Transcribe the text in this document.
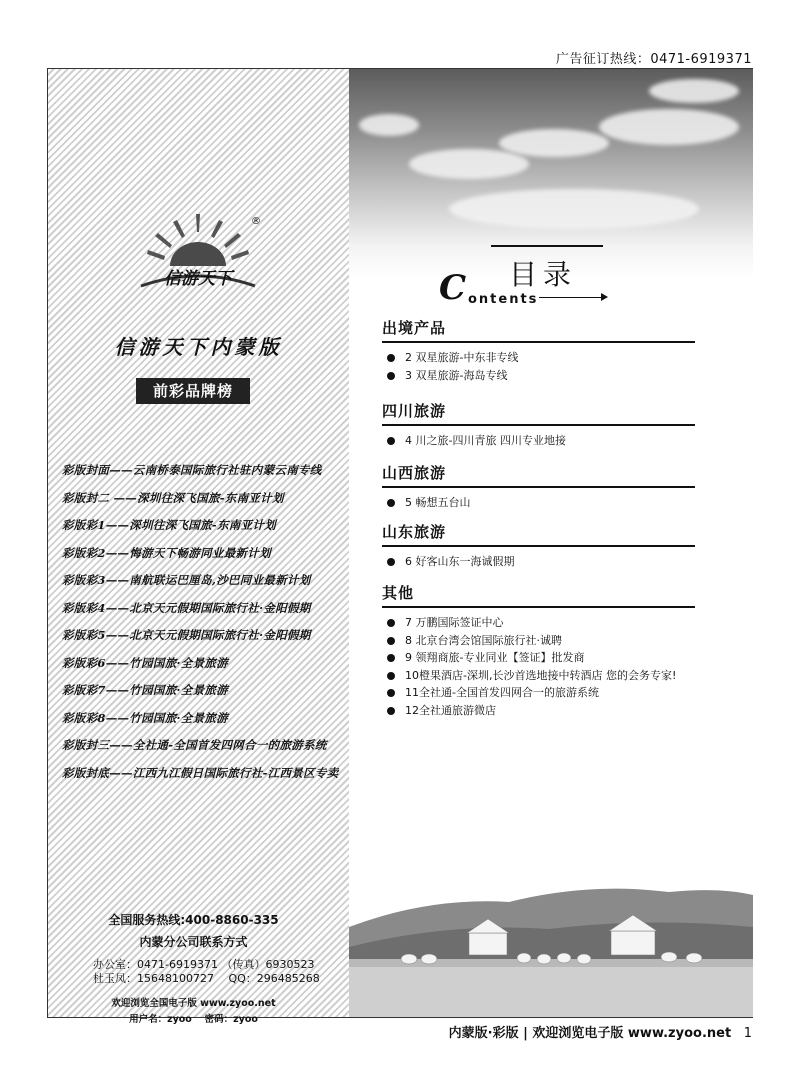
广告征订热线：0471-6919371
信游天下
®
信游天下内蒙版
前彩品牌榜
彩版封面——云南桥泰国际旅行社驻内蒙云南专线
彩版封二 ——深圳往深飞国旅-东南亚计划
彩版彩1——深圳往深飞国旅-东南亚计划
彩版彩2——悔游天下畅游同业最新计划
彩版彩3——南航联运巴厘岛,沙巴同业最新计划
彩版彩4——北京天元假期国际旅行社·金阳假期
彩版彩5——北京天元假期国际旅行社·金阳假期
彩版彩6——竹园国旅·全景旅游
彩版彩7——竹园国旅·全景旅游
彩版彩8——竹园国旅·全景旅游
彩版封三——全社通-全国首发四网合一的旅游系统
彩版封底——江西九江假日国际旅行社-江西景区专卖
全国服务热线:400-8860-335
内蒙分公司联系方式
办公室：0471-6919371 （传真）6930523
杜玉凤：15648100727　 QQ：296485268
欢迎浏览全国电子版 www.zyoo.net
用户名：zyoo　 密码：zyoo
目录
C ontents
出境产品
2 双星旅游-中东非专线
3 双星旅游-海岛专线
四川旅游
4 川之旅-四川青旅 四川专业地接
山西旅游
5 畅想五台山
山东旅游
6 好客山东一海诚假期
其他
7 万鹏国际签证中心
8 北京台湾会馆国际旅行社·诚聘
9 领翔商旅-专业同业【签证】批发商
10橙果酒店-深圳,长沙首选地接中转酒店 您的会务专家!
11全社通-全国首发四网合一的旅游系统
12全社通旅游微店
内蒙版·彩版 | 欢迎浏览电子版 www.zyoo.net 1
